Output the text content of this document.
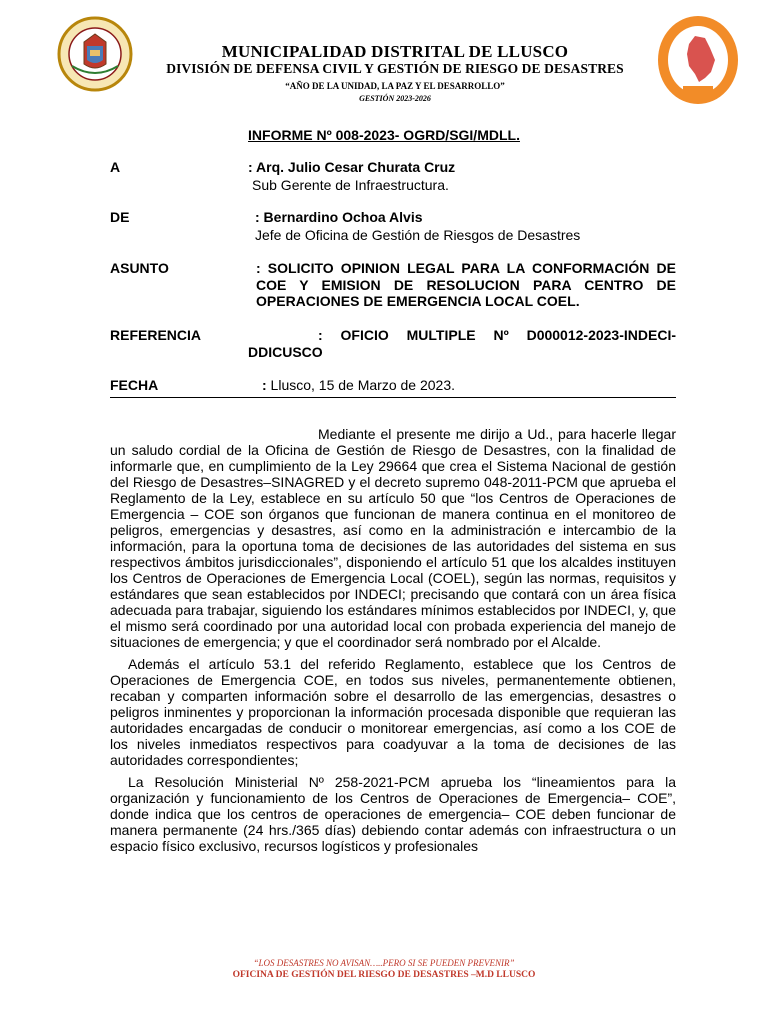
MUNICIPALIDAD DISTRITAL DE LLUSCO
DIVISIÓN DE DEFENSA CIVIL Y GESTIÓN DE RIESGO DE DESASTRES
“AÑO DE LA UNIDAD, LA PAZ Y EL DESARROLLO”
GESTIÓN 2023-2026
INFORME Nº 008-2023- OGRD/SGI/MDLL.
A	: Arq. Julio Cesar Churata Cruz
Sub Gerente de Infraestructura.
DE	: Bernardino Ochoa Alvis
Jefe de Oficina de Gestión de Riesgos de Desastres
ASUNTO	: SOLICITO OPINION LEGAL PARA LA CONFORMACIÓN DE COE Y EMISION DE RESOLUCION PARA CENTRO DE OPERACIONES DE EMERGENCIA LOCAL COEL.
REFERENCIA	: OFICIO MULTIPLE Nº D000012-2023-INDECI-DDICUSCO
FECHA	: Llusco, 15 de Marzo de 2023.

Mediante el presente me dirijo a Ud., para hacerle llegar un saludo cordial de la Oficina de Gestión de Riesgo de Desastres, con la finalidad de informarle que, en cumplimiento de la Ley 29664 que crea el Sistema Nacional de gestión del Riesgo de Desastres–SINAGRED y el decreto supremo 048-2011-PCM que aprueba el Reglamento de la Ley, establece en su artículo 50 que “los Centros de Operaciones de Emergencia – COE son órganos que funcionan de manera continua en el monitoreo de peligros, emergencias y desastres, así como en la administración e intercambio de la información, para la oportuna toma de decisiones de las autoridades del sistema en sus respectivos ámbitos jurisdiccionales”, disponiendo el artículo 51 que los alcaldes instituyen los Centros de Operaciones de Emergencia Local (COEL), según las normas, requisitos y estándares que sean establecidos por INDECI; precisando que contará con un área física adecuada para trabajar, siguiendo los estándares mínimos establecidos por INDECI, y, que el mismo será coordinado por una autoridad local con probada experiencia del manejo de situaciones de emergencia; y que el coordinador será nombrado por el Alcalde.

Además el artículo 53.1 del referido Reglamento, establece que los Centros de Operaciones de Emergencia COE, en todos sus niveles, permanentemente obtienen, recaban y comparten información sobre el desarrollo de las emergencias, desastres o peligros inminentes y proporcionan la información procesada disponible que requieran las autoridades encargadas de conducir o monitorear emergencias, así como a los COE de los niveles inmediatos respectivos para coadyuvar a la toma de decisiones de las autoridades correspondientes;

La Resolución Ministerial Nº 258-2021-PCM aprueba los “lineamientos para la organización y funcionamiento de los Centros de Operaciones de Emergencia– COE”, donde indica que los centros de operaciones de emergencia– COE deben funcionar de manera permanente (24 hrs./365 días) debiendo contar además con infraestructura o un espacio físico exclusivo, recursos logísticos y profesionales

“LOS DESASTRES NO AVISAN…..PERO SI SE PUEDEN PREVENIR”
OFICINA DE GESTIÓN DEL RIESGO DE DESASTRES –M.D LLUSCO
